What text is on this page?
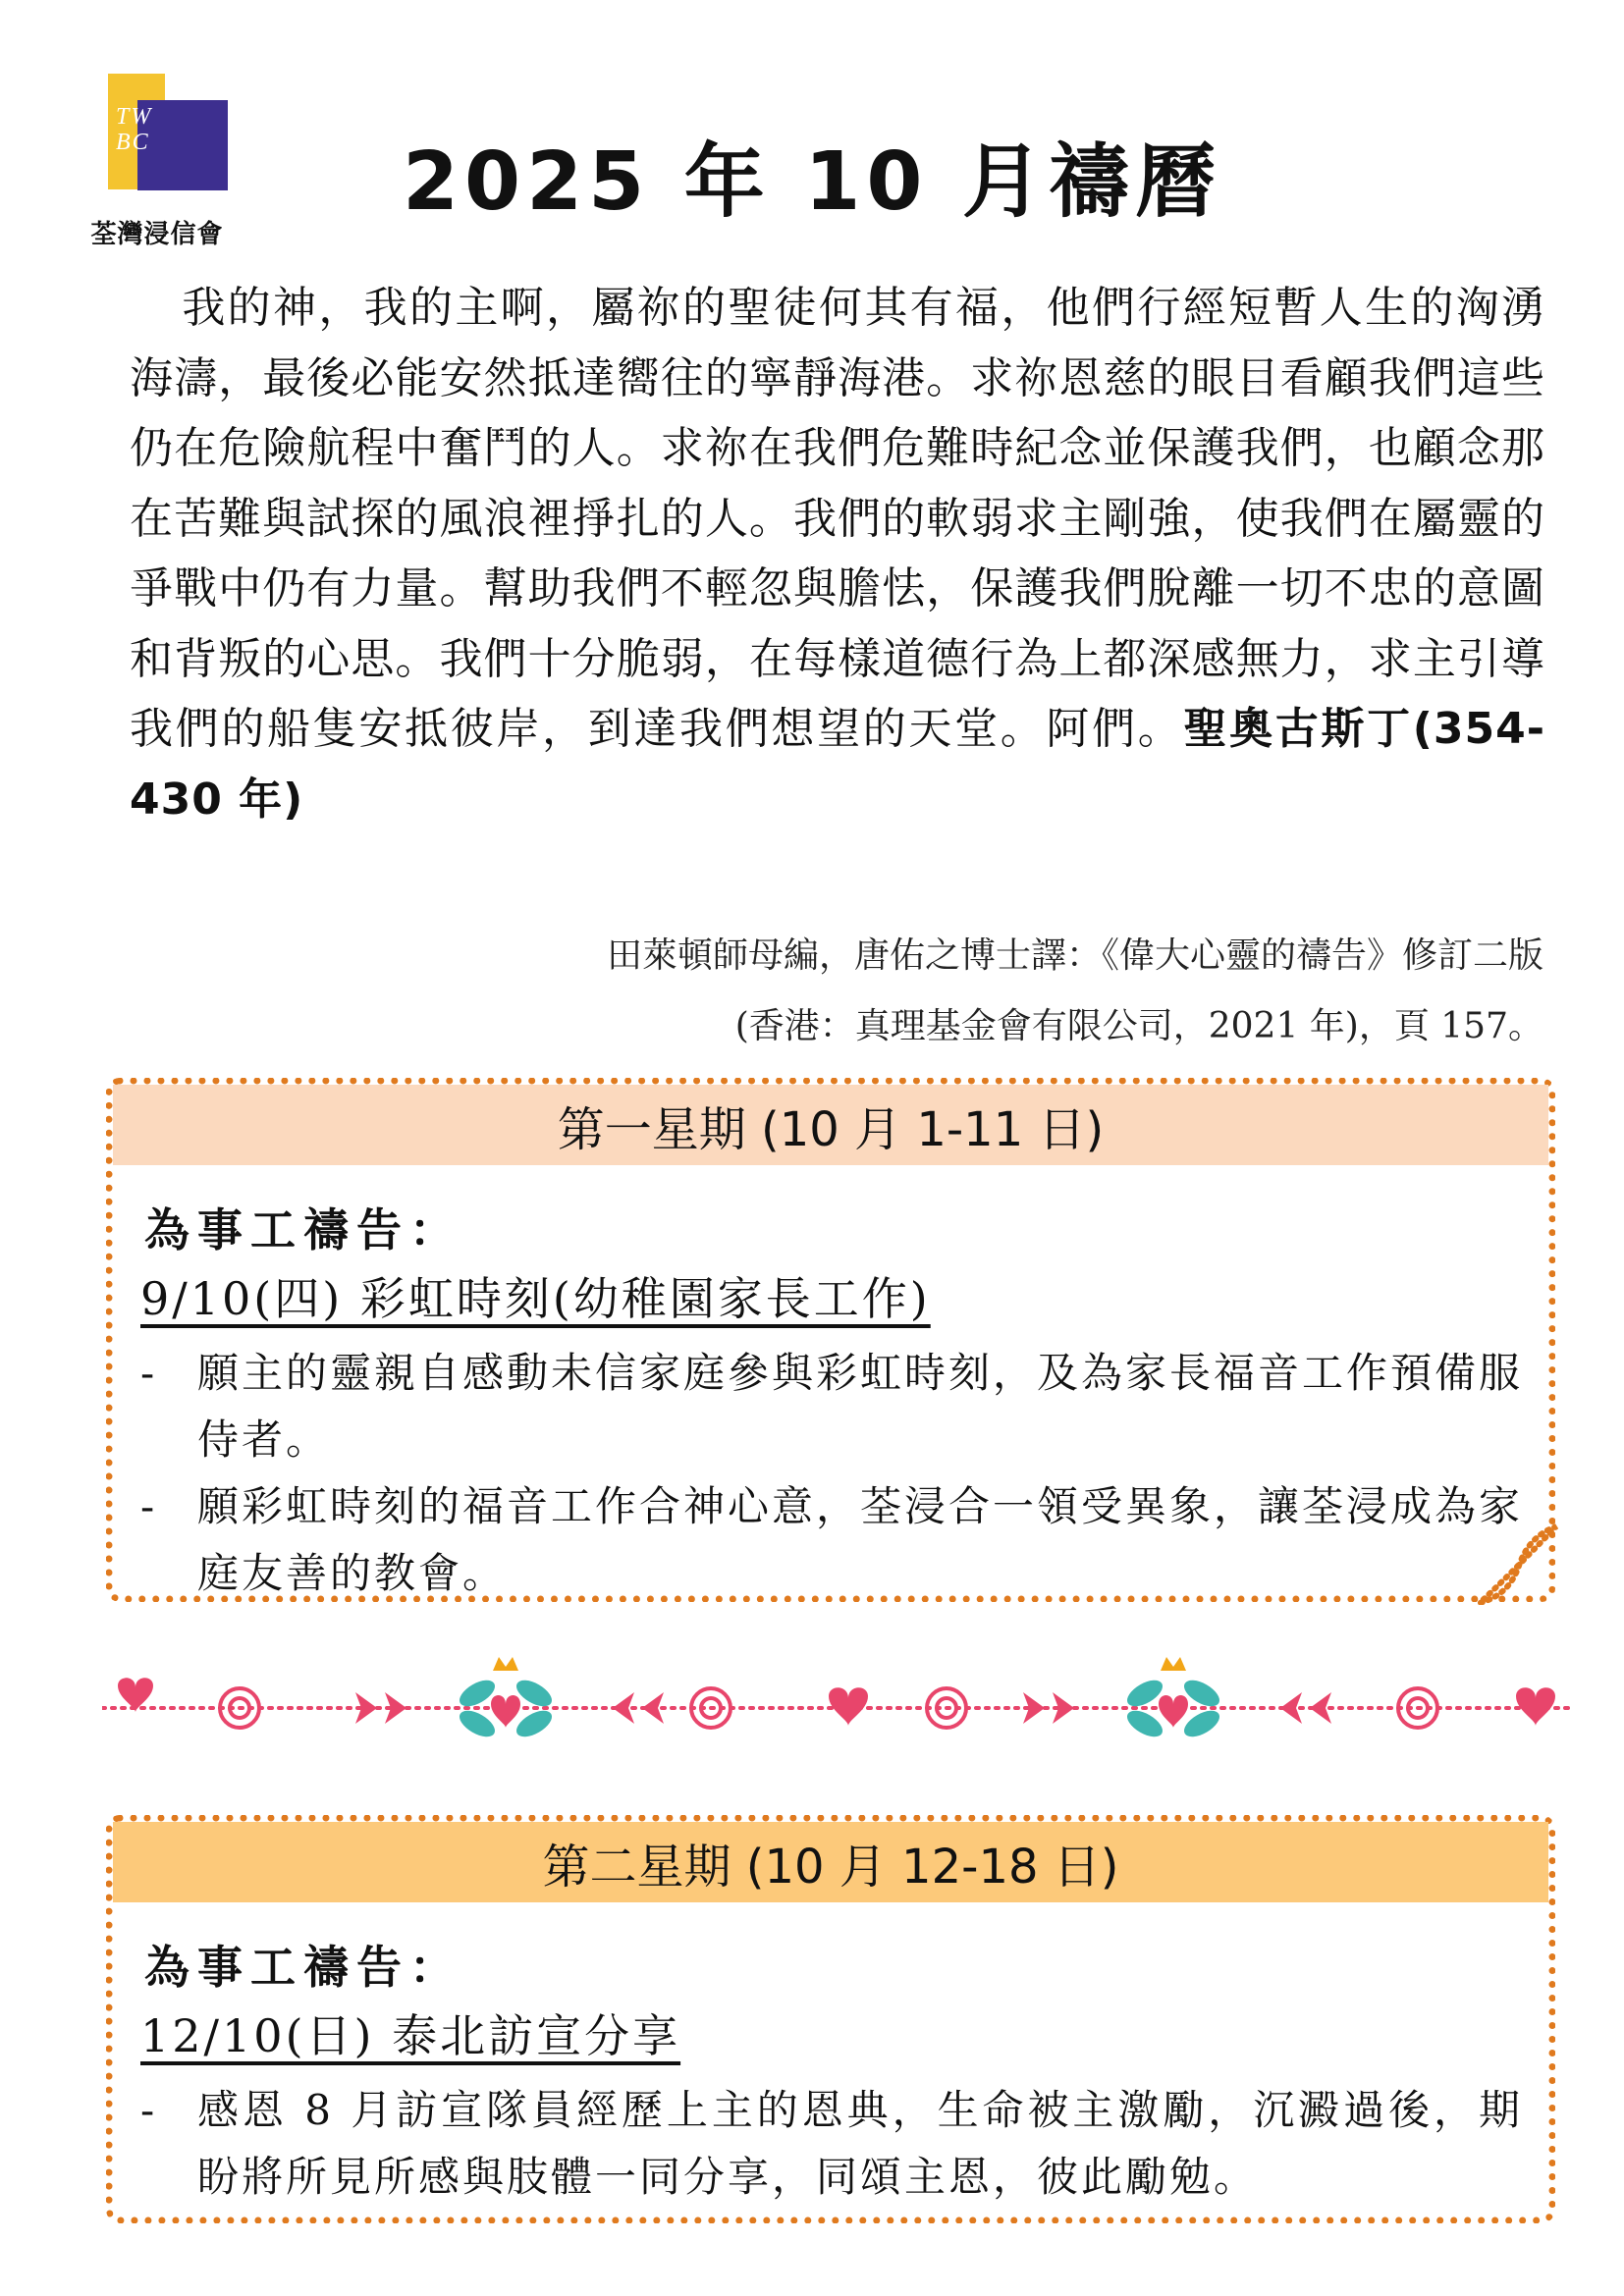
TW
BC
荃灣浸信會
2025 年 10 月禱曆
我的神，我的主啊，屬祢的聖徒何其有福，他們行經短暫人生的洶湧海濤，最後必能安然抵達嚮往的寧靜海港。求祢恩慈的眼目看顧我們這些仍在危險航程中奮鬥的人。求祢在我們危難時紀念並保護我們，也顧念那在苦難與試探的風浪裡掙扎的人。我們的軟弱求主剛強，使我們在屬靈的爭戰中仍有力量。幫助我們不輕忽與膽怯，保護我們脫離一切不忠的意圖和背叛的心思。我們十分脆弱，在每樣道德行為上都深感無力，求主引導我們的船隻安抵彼岸，到達我們想望的天堂。阿們。聖奧古斯丁(354-430 年)
田萊頓師母編，唐佑之博士譯：《偉大心靈的禱告》修訂二版
(香港：真理基金會有限公司，2021 年)，頁 157。
第一星期 (10 月 1-11 日)
為事工禱告：
9/10(四) 彩虹時刻(幼稚園家長工作)
- 願主的靈親自感動未信家庭參與彩虹時刻，及為家長福音工作預備服侍者。
- 願彩虹時刻的福音工作合神心意，荃浸合一領受異象，讓荃浸成為家庭友善的教會。
第二星期 (10 月 12-18 日)
為事工禱告：
12/10(日) 泰北訪宣分享
- 感恩 8 月訪宣隊員經歷上主的恩典，生命被主激勵，沉澱過後，期盼將所見所感與肢體一同分享，同頌主恩，彼此勵勉。
